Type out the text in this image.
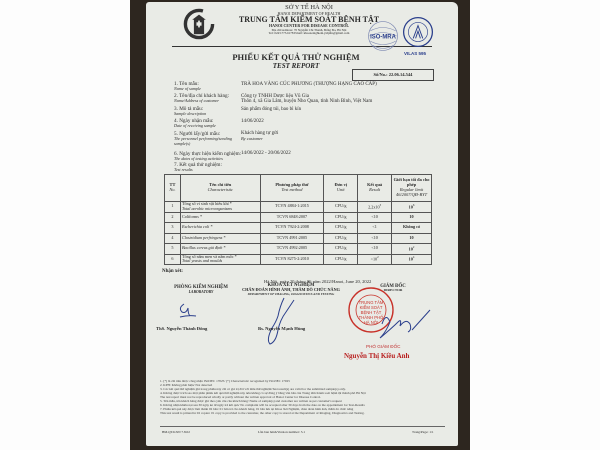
SỞ Y TẾ HÀ NỘI
HANOI DEPARTMENT OF HEALTH
TRUNG TÂM KIỂM SOÁT BỆNH TẬT
HANOI CENTER FOR DISEASE CONTROL
Địa chỉ/Address: 70 Nguyễn Chí Thanh, Đống Đa, Hà Nội
Tel: 0243.773.6178 Email: khoaxetnghiem.ytdphn@gmail.com
ISO-MRA
VILAS 595
PHIẾU KẾT QUẢ THỬ NGHIỆM
TEST REPORT
Số/No.: 22.06.14.544
1. Tên mẫu:
Name of sample
TRÀ HOA VÀNG CÚC PHƯƠNG (THƯỢNG HẠNG CAO CẤP)
2. Tên/địa chỉ khách hàng:
Name/Address of customer
Công ty TNHH Dược liệu Vũ Gia
Thôn 4, xã Gia Lâm, huyện Nho Quan, tỉnh Ninh Bình, Việt Nam
3. Mô tả mẫu:
Sample description
Sản phẩm đóng túi, bao bì kín
4. Ngày nhận mẫu:
Date of receiving sample
14/06/2022
5. Người lấy/gửi mẫu:
The personnel performing/sending sample(s)
Khách hàng tự gửi
By customer
6. Ngày thực hiện kiểm nghiệm:
The dates of testing activities
14/06/2022 - 20/06/2022
7. Kết quả thử nghiệm:
Test results
TT
No.	Tên chỉ tiêu
Characteristic	Phương pháp thử
Test method	Đơn vị
Unit	Kết quả
Result	Giới hạn tối đa cho phép
Regular limit 46/2007/QĐ-BYT

1	Tổng số vi sinh vật hiếu khí *
Total aerobic microorganisms	TCVN 4884-1:2015	CFU/g	$2,2x10^3$	$10^6$
2	Coliforms *	TCVN 6848:2007	CFU/g	<10	10
3	Escherichia coli *	TCVN 7924-2:2008	CFU/g	<1	Không có
4	Clostridium perfringens *	TCVN 4991:2005	CFU/g	<10	10
5	Bacillus cereus giả định *	TCVN 4992:2005	CFU/g	<10	$10^2$
6	Tổng số nấm men và nấm mốc *
Total yeasts and moulds	TCVN 8275-2:2010	CFU/g	$<10^2$	$10^4$
Nhận xét:
Hà Nội, ngày 20 tháng 06 năm 2022/Hanoi, June 20, 2022
PHÒNG KIỂM NGHIỆM
LABORATORY
KHOA XÉT NGHIỆM
CHẨN ĐOÁN HÌNH ẢNH, THĂM DÒ CHỨC NĂNG
DEPARTMENT OF IMAGING, DIAGNOSTICS AND TESTING
TRUNG TÂM
KIỂM SOÁT
BỆNH TẬT
THÀNH PHỐ
HÀ NỘI
GIÁM ĐỐC
DIRECTOR
ThS. Nguyễn Thành Đông	Bs. Nguyễn Mạnh Hùng
PHÓ GIÁM ĐỐC
Nguyễn Thị Kiều Anh
1. (*) là chỉ tiêu được công nhận ISO/IEC 17025/ (*) Characteristic recognized by ISO/IEC 17025
2. KPH: Không phát hiện/ Not detected
3. Các kết quả thử nghiệm ghi trong phiếu này chỉ có giá trị đối với mẫu thử nghiệm/Test result(s) are valid for the submitted sample(s) only.
4. Không được trích sao một phần phiếu kết quả thử nghiệm này nếu không có sự đồng ý bằng văn bản của Trung tâm Kiểm soát bệnh tật thành phố Hà Nội
The test report must not be reproduced wholly or partly without the written approval of Hanoi Center for Disease Control.
5. Tên mẫu, tên khách hàng được ghi theo yêu cầu của khách hàng/ Name of sample(s) and customer are written as per customer's request
6. Không nhận khiếu nại sau 30 ngày kể từ ngày trả kết quả/ No complaint will be accepted after 30 days from the date on the appointment for Test-Results
7. Phiếu kết quả này được làm thành 02 bản: 01 bản trả cho khách hàng, 01 bản lưu tại Khoa Xét Nghiệm, chẩn đoán hình ảnh, thăm dò chức năng
This test result is printed in 02 copies: 01 copy is provided to the customer, the other copy is stored at the Department of Imaging, Diagnostics and Testing.
BM.QT.KXN 7.8.02	Lần ban hành/Version number: 3.1	Trang/Page: 1/1
